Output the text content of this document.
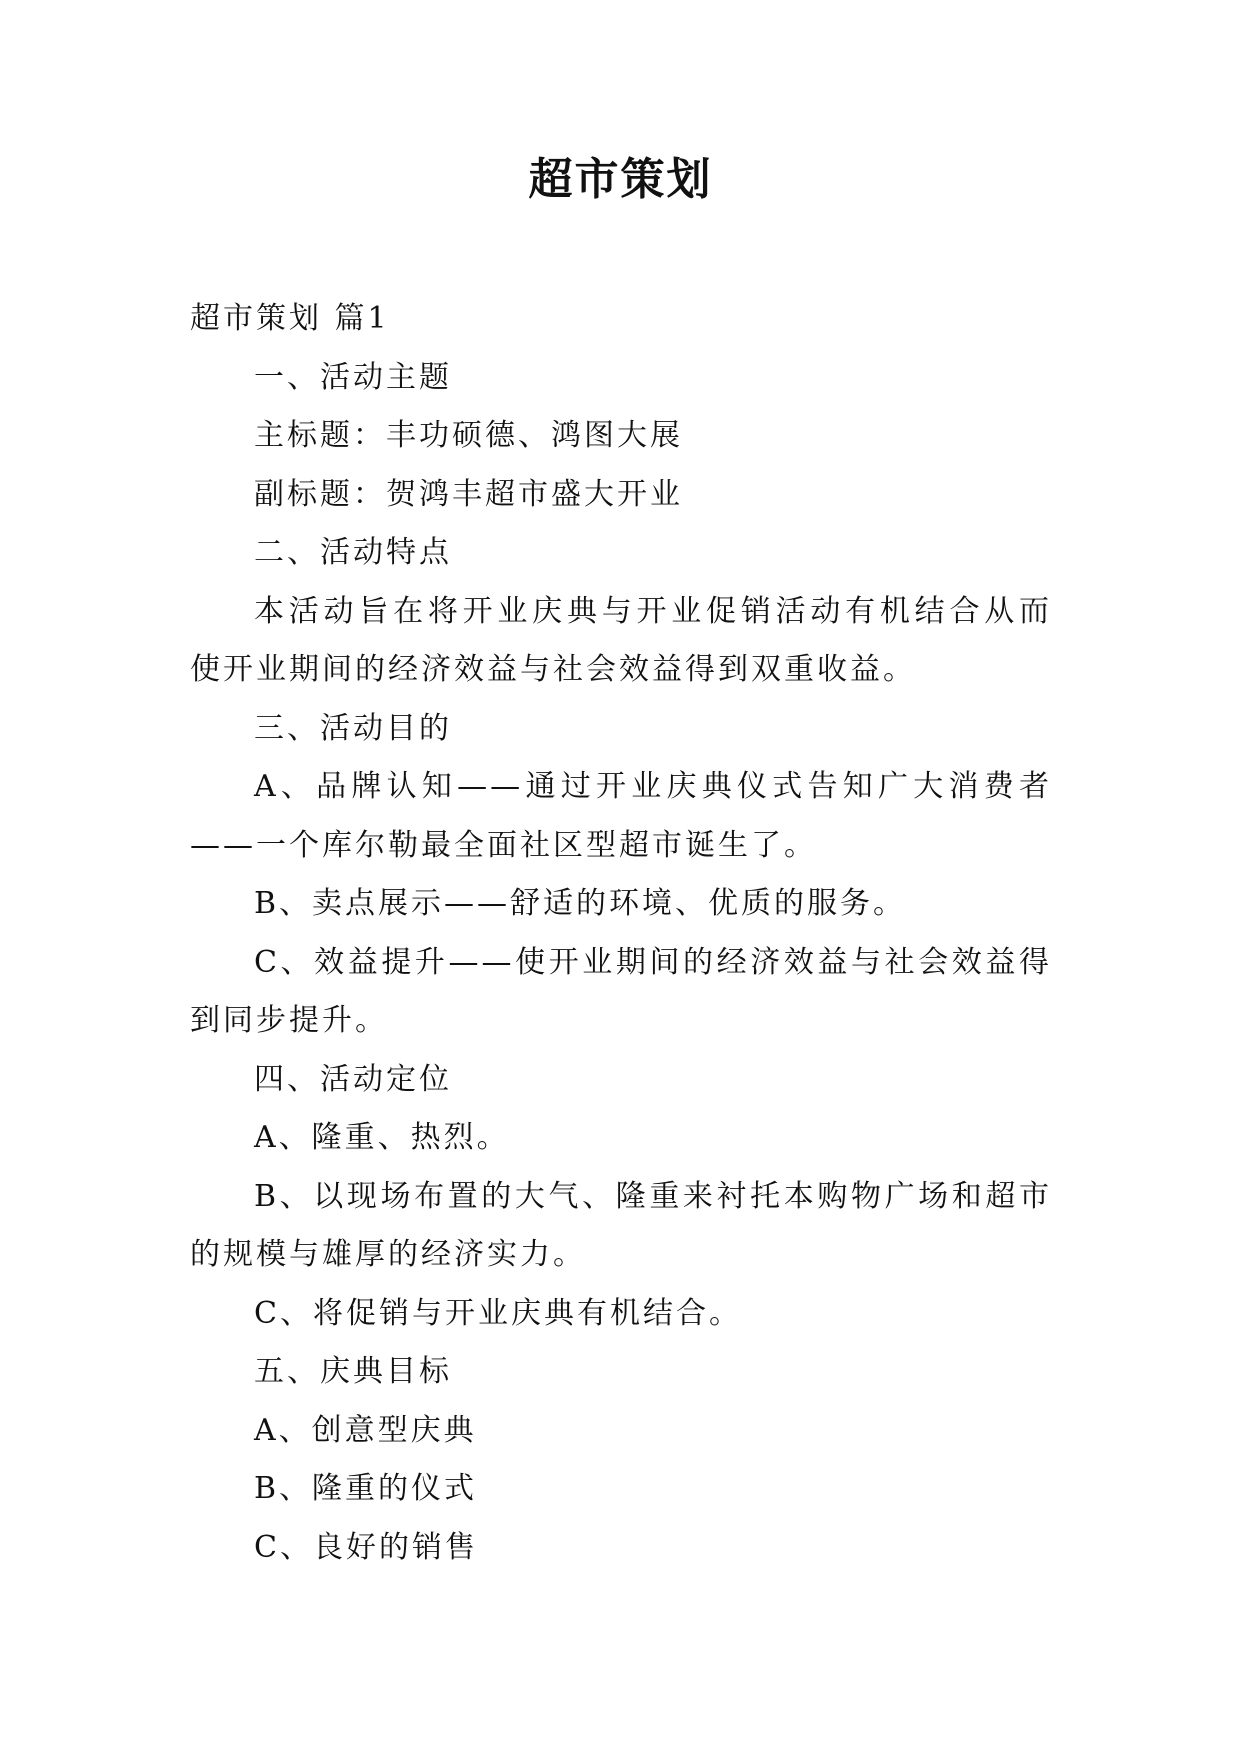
超市策划

超市策划 篇1

一、活动主题

主标题：丰功硕德、鸿图大展

副标题：贺鸿丰超市盛大开业

二、活动特点

本活动旨在将开业庆典与开业促销活动有机结合从而

使开业期间的经济效益与社会效益得到双重收益。

三、活动目的

A、品牌认知——通过开业庆典仪式告知广大消费者

——一个库尔勒最全面社区型超市诞生了。

B、卖点展示——舒适的环境、优质的服务。

C、效益提升——使开业期间的经济效益与社会效益得

到同步提升。

四、活动定位

A、隆重、热烈。

B、以现场布置的大气、隆重来衬托本购物广场和超市

的规模与雄厚的经济实力。

C、将促销与开业庆典有机结合。

五、庆典目标

A、创意型庆典

B、隆重的仪式

C、良好的销售
